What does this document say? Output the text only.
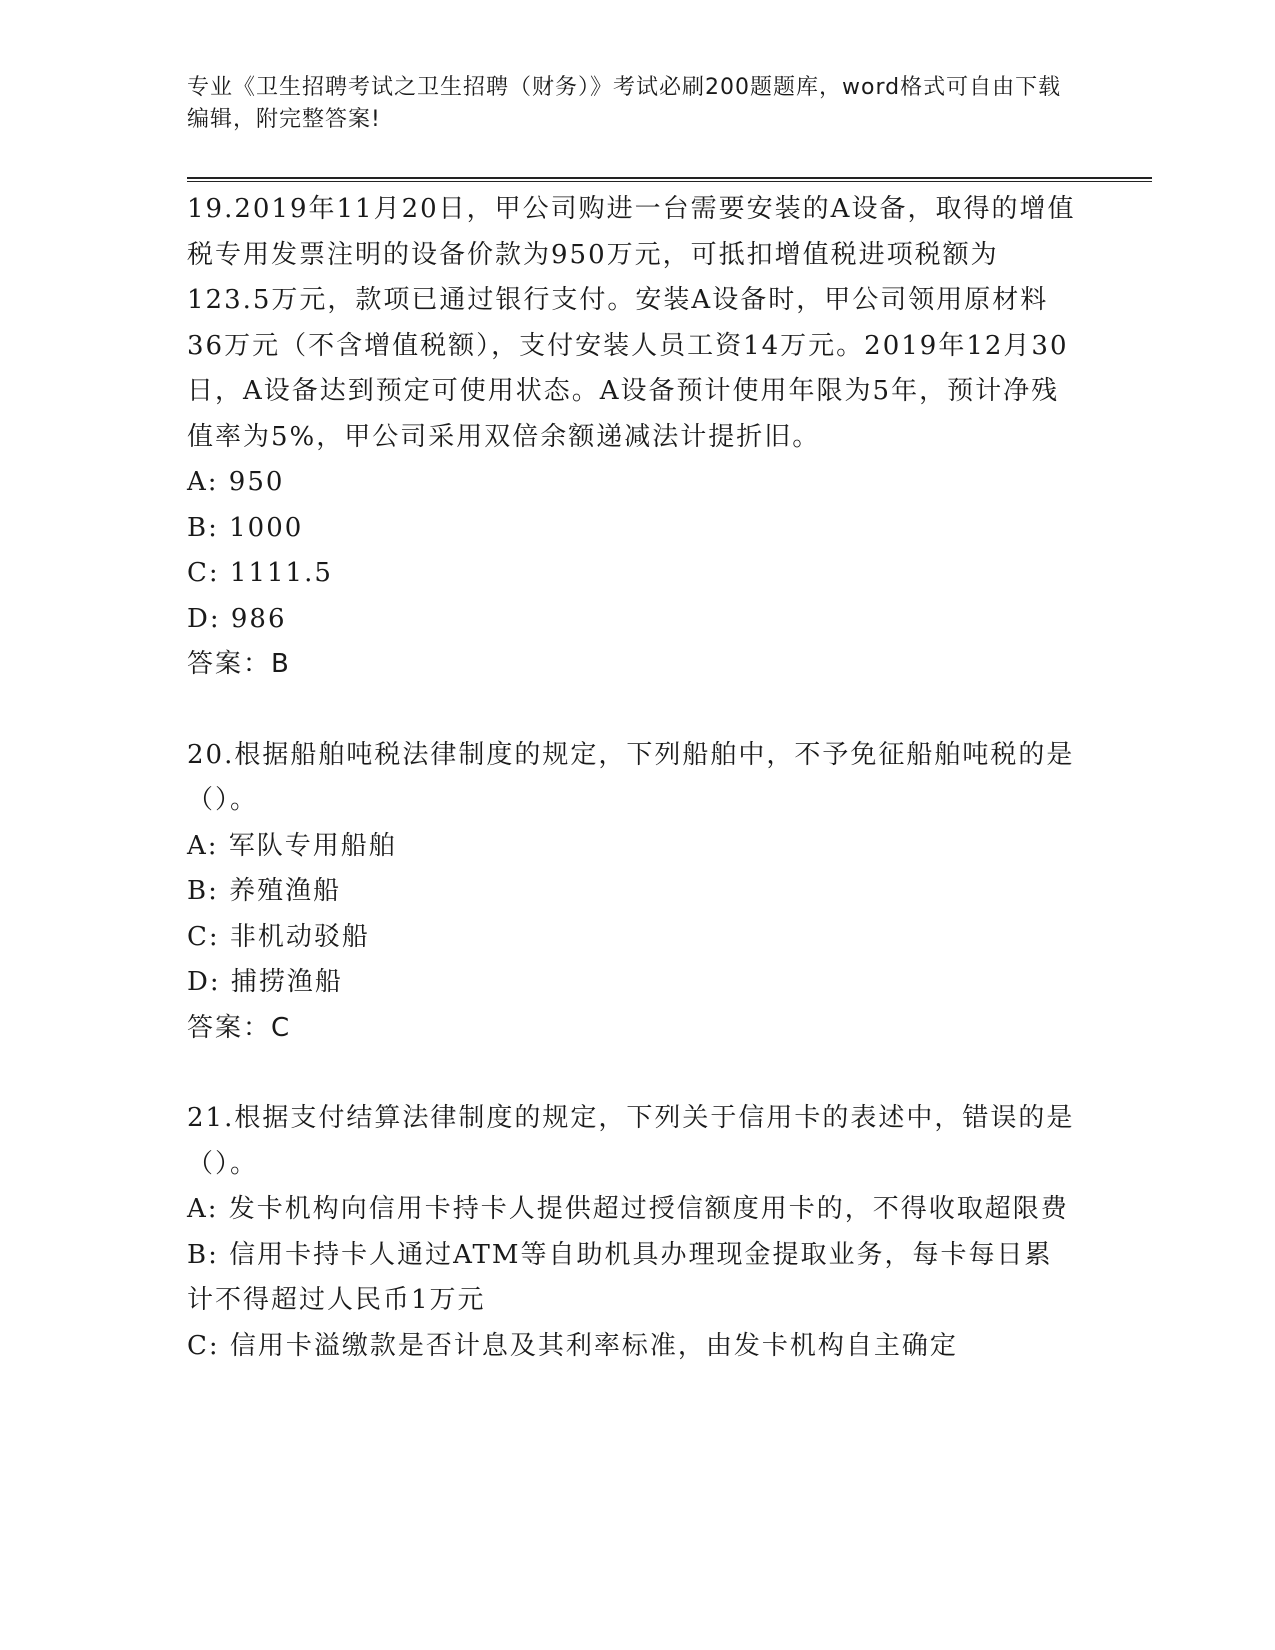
专业《卫生招聘考试之卫生招聘（财务）》考试必刷200题题库，word格式可自由下载编辑，附完整答案!

19.2019年11月20日，甲公司购进一台需要安装的A设备，取得的增值税专用发票注明的设备价款为950万元，可抵扣增值税进项税额为123.5万元，款项已通过银行支付。安装A设备时，甲公司领用原材料36万元（不含增值税额），支付安装人员工资14万元。2019年12月30日，A设备达到预定可使用状态。A设备预计使用年限为5年，预计净残值率为5%，甲公司采用双倍余额递减法计提折旧。

A: 950

B: 1000

C: 1111.5

D: 986

答案：B

20.根据船舶吨税法律制度的规定，下列船舶中，不予免征船舶吨税的是（）。

A: 军队专用船舶

B: 养殖渔船

C: 非机动驳船

D: 捕捞渔船

答案：C

21.根据支付结算法律制度的规定，下列关于信用卡的表述中，错误的是（）。

A: 发卡机构向信用卡持卡人提供超过授信额度用卡的，不得收取超限费

B: 信用卡持卡人通过ATM等自助机具办理现金提取业务，每卡每日累计不得超过人民币1万元

C: 信用卡溢缴款是否计息及其利率标准，由发卡机构自主确定
